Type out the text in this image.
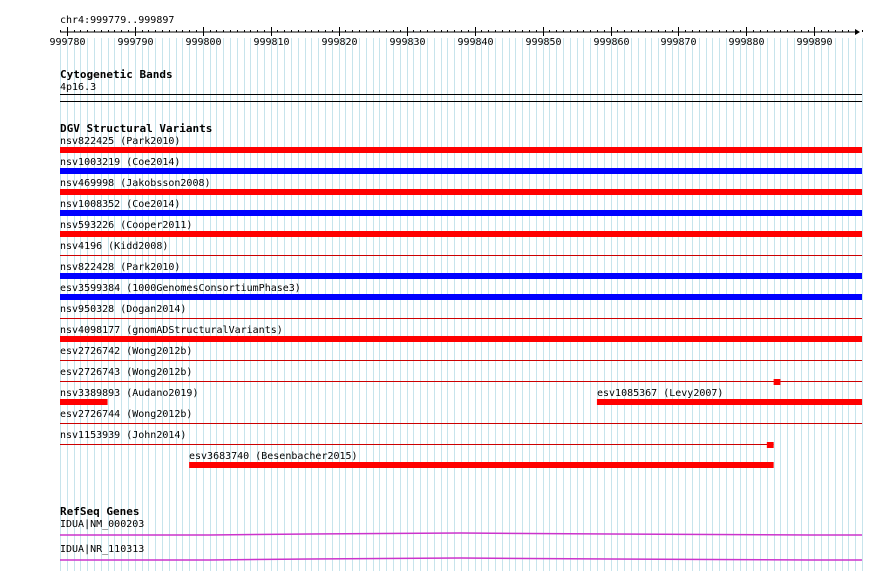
chr4:999779..999897
999780	999790	999800	999810	999820	999830	999840	999850	999860	999870	999880	999890
Cytogenetic Bands
4p16.3
DGV Structural Variants
nsv822425 (Park2010)
nsv1003219 (Coe2014)
nsv469998 (Jakobsson2008)
nsv1008352 (Coe2014)
nsv593226 (Cooper2011)
nsv4196 (Kidd2008)
nsv822428 (Park2010)
esv3599384 (1000GenomesConsortiumPhase3)
nsv950328 (Dogan2014)
nsv4098177 (gnomADStructuralVariants)
esv2726742 (Wong2012b)
esv2726743 (Wong2012b)
nsv3389893 (Audano2019)	esv1085367 (Levy2007)
esv2726744 (Wong2012b)
nsv1153939 (John2014)
esv3683740 (Besenbacher2015)
RefSeq Genes
IDUA|NM_000203
IDUA|NR_110313
